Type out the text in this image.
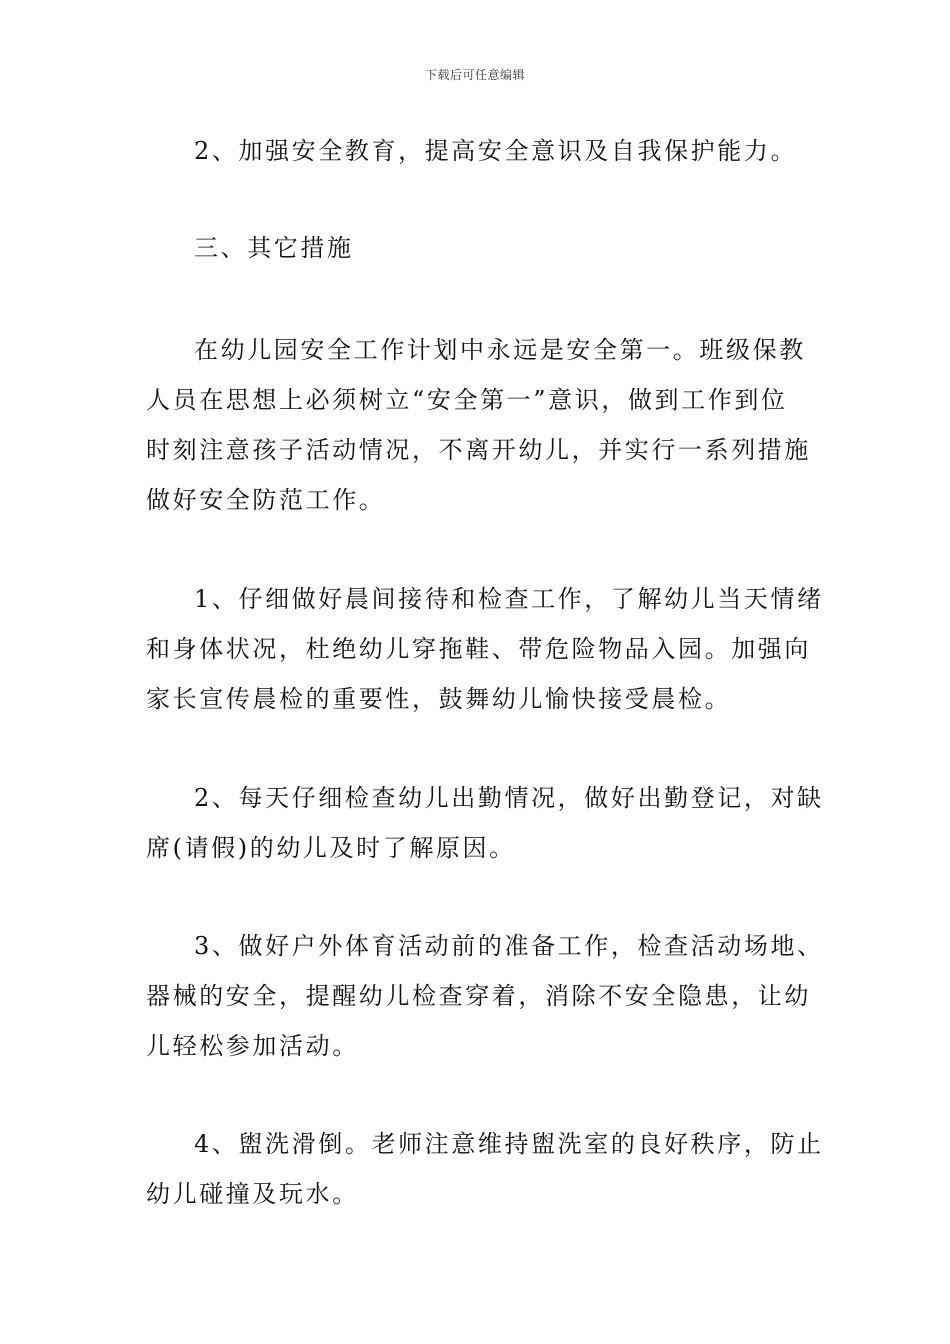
下载后可任意编辑
2、加强安全教育，提高安全意识及自我保护能力。
三、其它措施
在幼儿园安全工作计划中永远是安全第一。班级保教
人员在思想上必须树立“安全第一”意识，做到工作到位
时刻注意孩子活动情况，不离开幼儿，并实行一系列措施
做好安全防范工作。
1、仔细做好晨间接待和检查工作，了解幼儿当天情绪
和身体状况，杜绝幼儿穿拖鞋、带危险物品入园。加强向
家长宣传晨检的重要性，鼓舞幼儿愉快接受晨检。
2、每天仔细检查幼儿出勤情况，做好出勤登记，对缺
席(请假)的幼儿及时了解原因。
3、做好户外体育活动前的准备工作，检查活动场地、
器械的安全，提醒幼儿检查穿着，消除不安全隐患，让幼
儿轻松参加活动。
4、盥洗滑倒。老师注意维持盥洗室的良好秩序，防止
幼儿碰撞及玩水。
